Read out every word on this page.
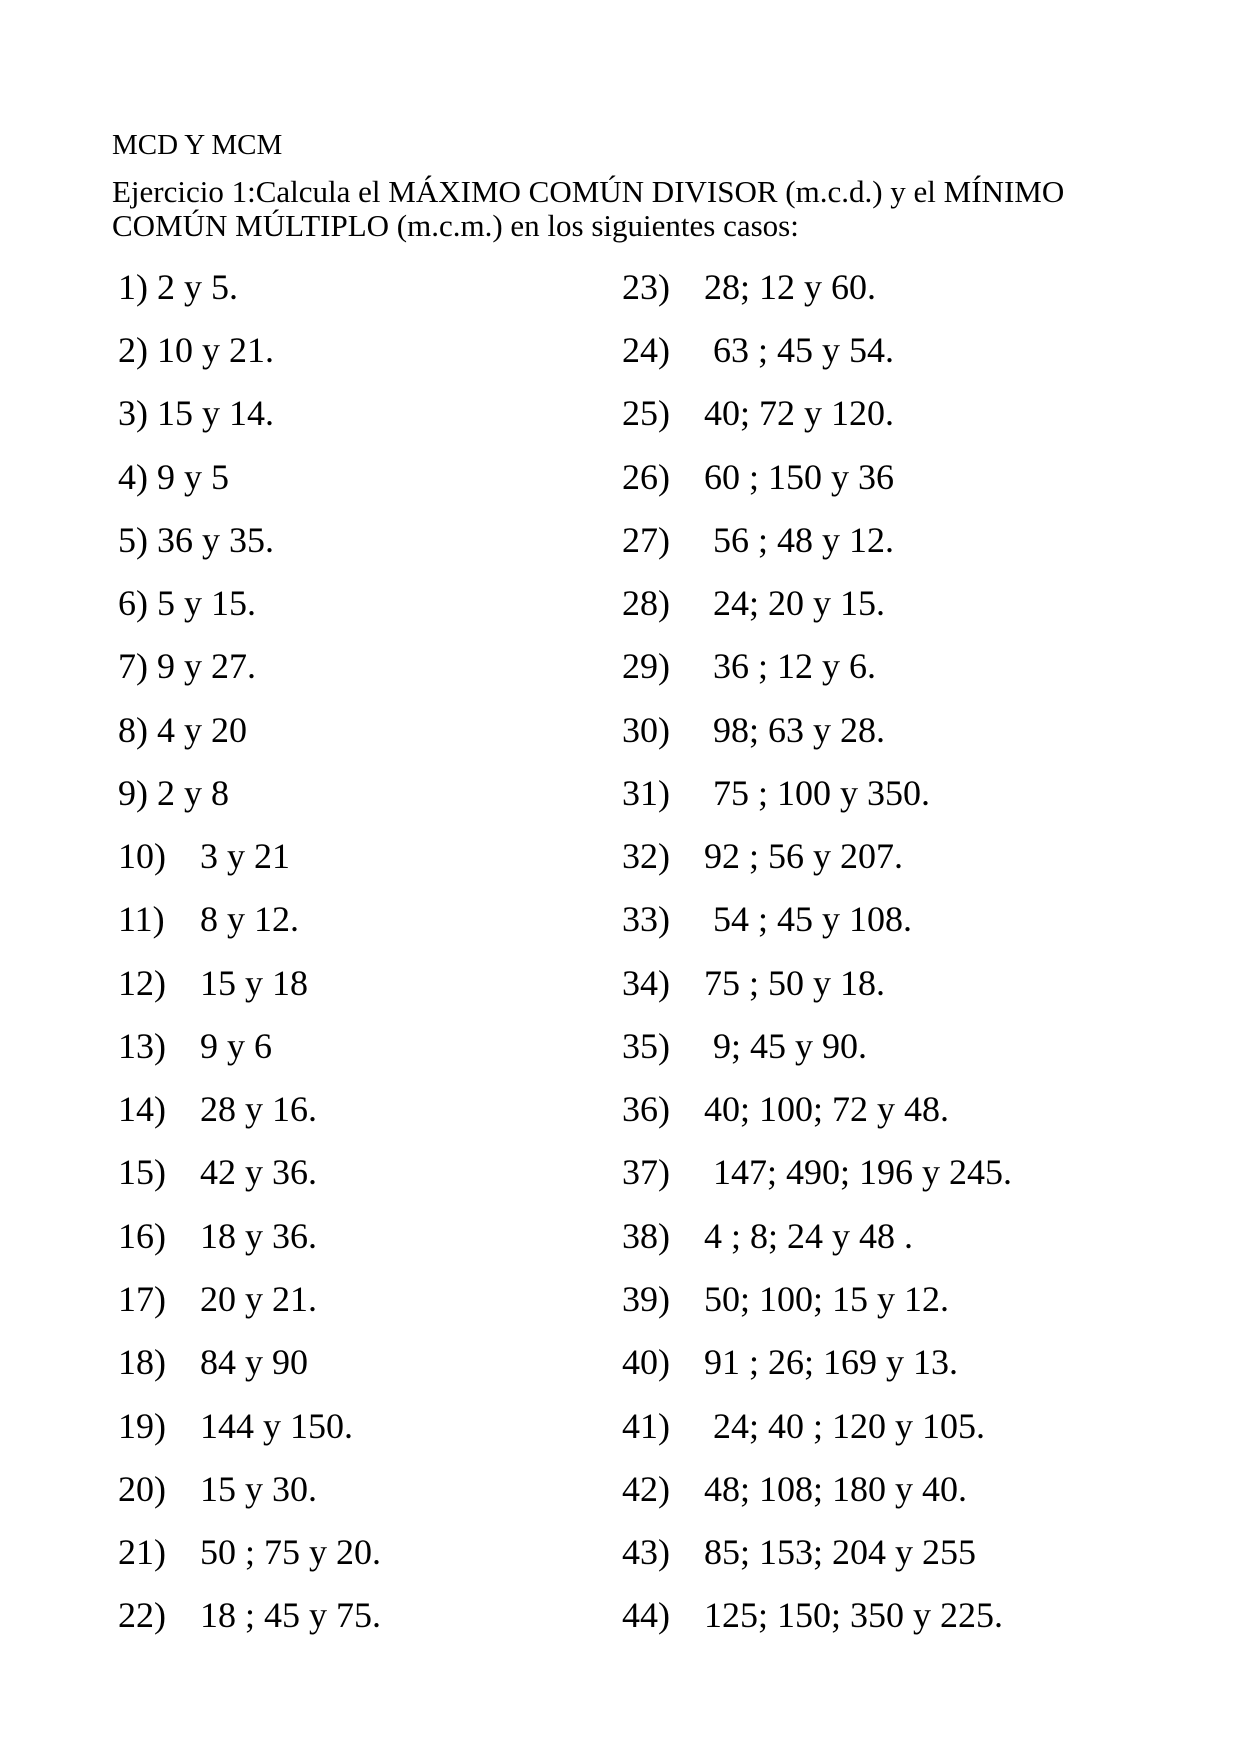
MCD Y MCM
Ejercicio 1:Calcula el MÁXIMO COMÚN DIVISOR (m.c.d.) y el MÍNIMO COMÚN MÚLTIPLO (m.c.m.) en los siguientes casos:
1) 2 y 5.
2) 10 y 21.
3) 15 y 14.
4) 9 y 5
5) 36 y 35.
6) 5 y 15.
7) 9 y 27.
8) 4 y 20
9) 2 y 8
10) 3 y 21
11) 8 y 12.
12) 15 y 18
13) 9 y 6
14) 28 y 16.
15) 42 y 36.
16) 18 y 36.
17) 20 y 21.
18) 84 y 90
19) 144 y 150.
20) 15 y 30.
21) 50 ; 75 y 20.
22) 18 ; 45 y 75.
23) 28; 12 y 60.
24) 63 ; 45 y 54.
25) 40; 72 y 120.
26) 60 ; 150 y 36
27) 56 ; 48 y 12.
28) 24; 20 y 15.
29) 36 ; 12 y 6.
30) 98; 63 y 28.
31) 75 ; 100 y 350.
32) 92 ; 56 y 207.
33) 54 ; 45 y 108.
34) 75 ; 50 y 18.
35) 9; 45 y 90.
36) 40; 100; 72 y 48.
37) 147; 490; 196 y 245.
38) 4 ; 8; 24 y 48 .
39) 50; 100; 15 y 12.
40) 91 ; 26; 169 y 13.
41) 24; 40 ; 120 y 105.
42) 48; 108; 180 y 40.
43) 85; 153; 204 y 255
44) 125; 150; 350 y 225.
